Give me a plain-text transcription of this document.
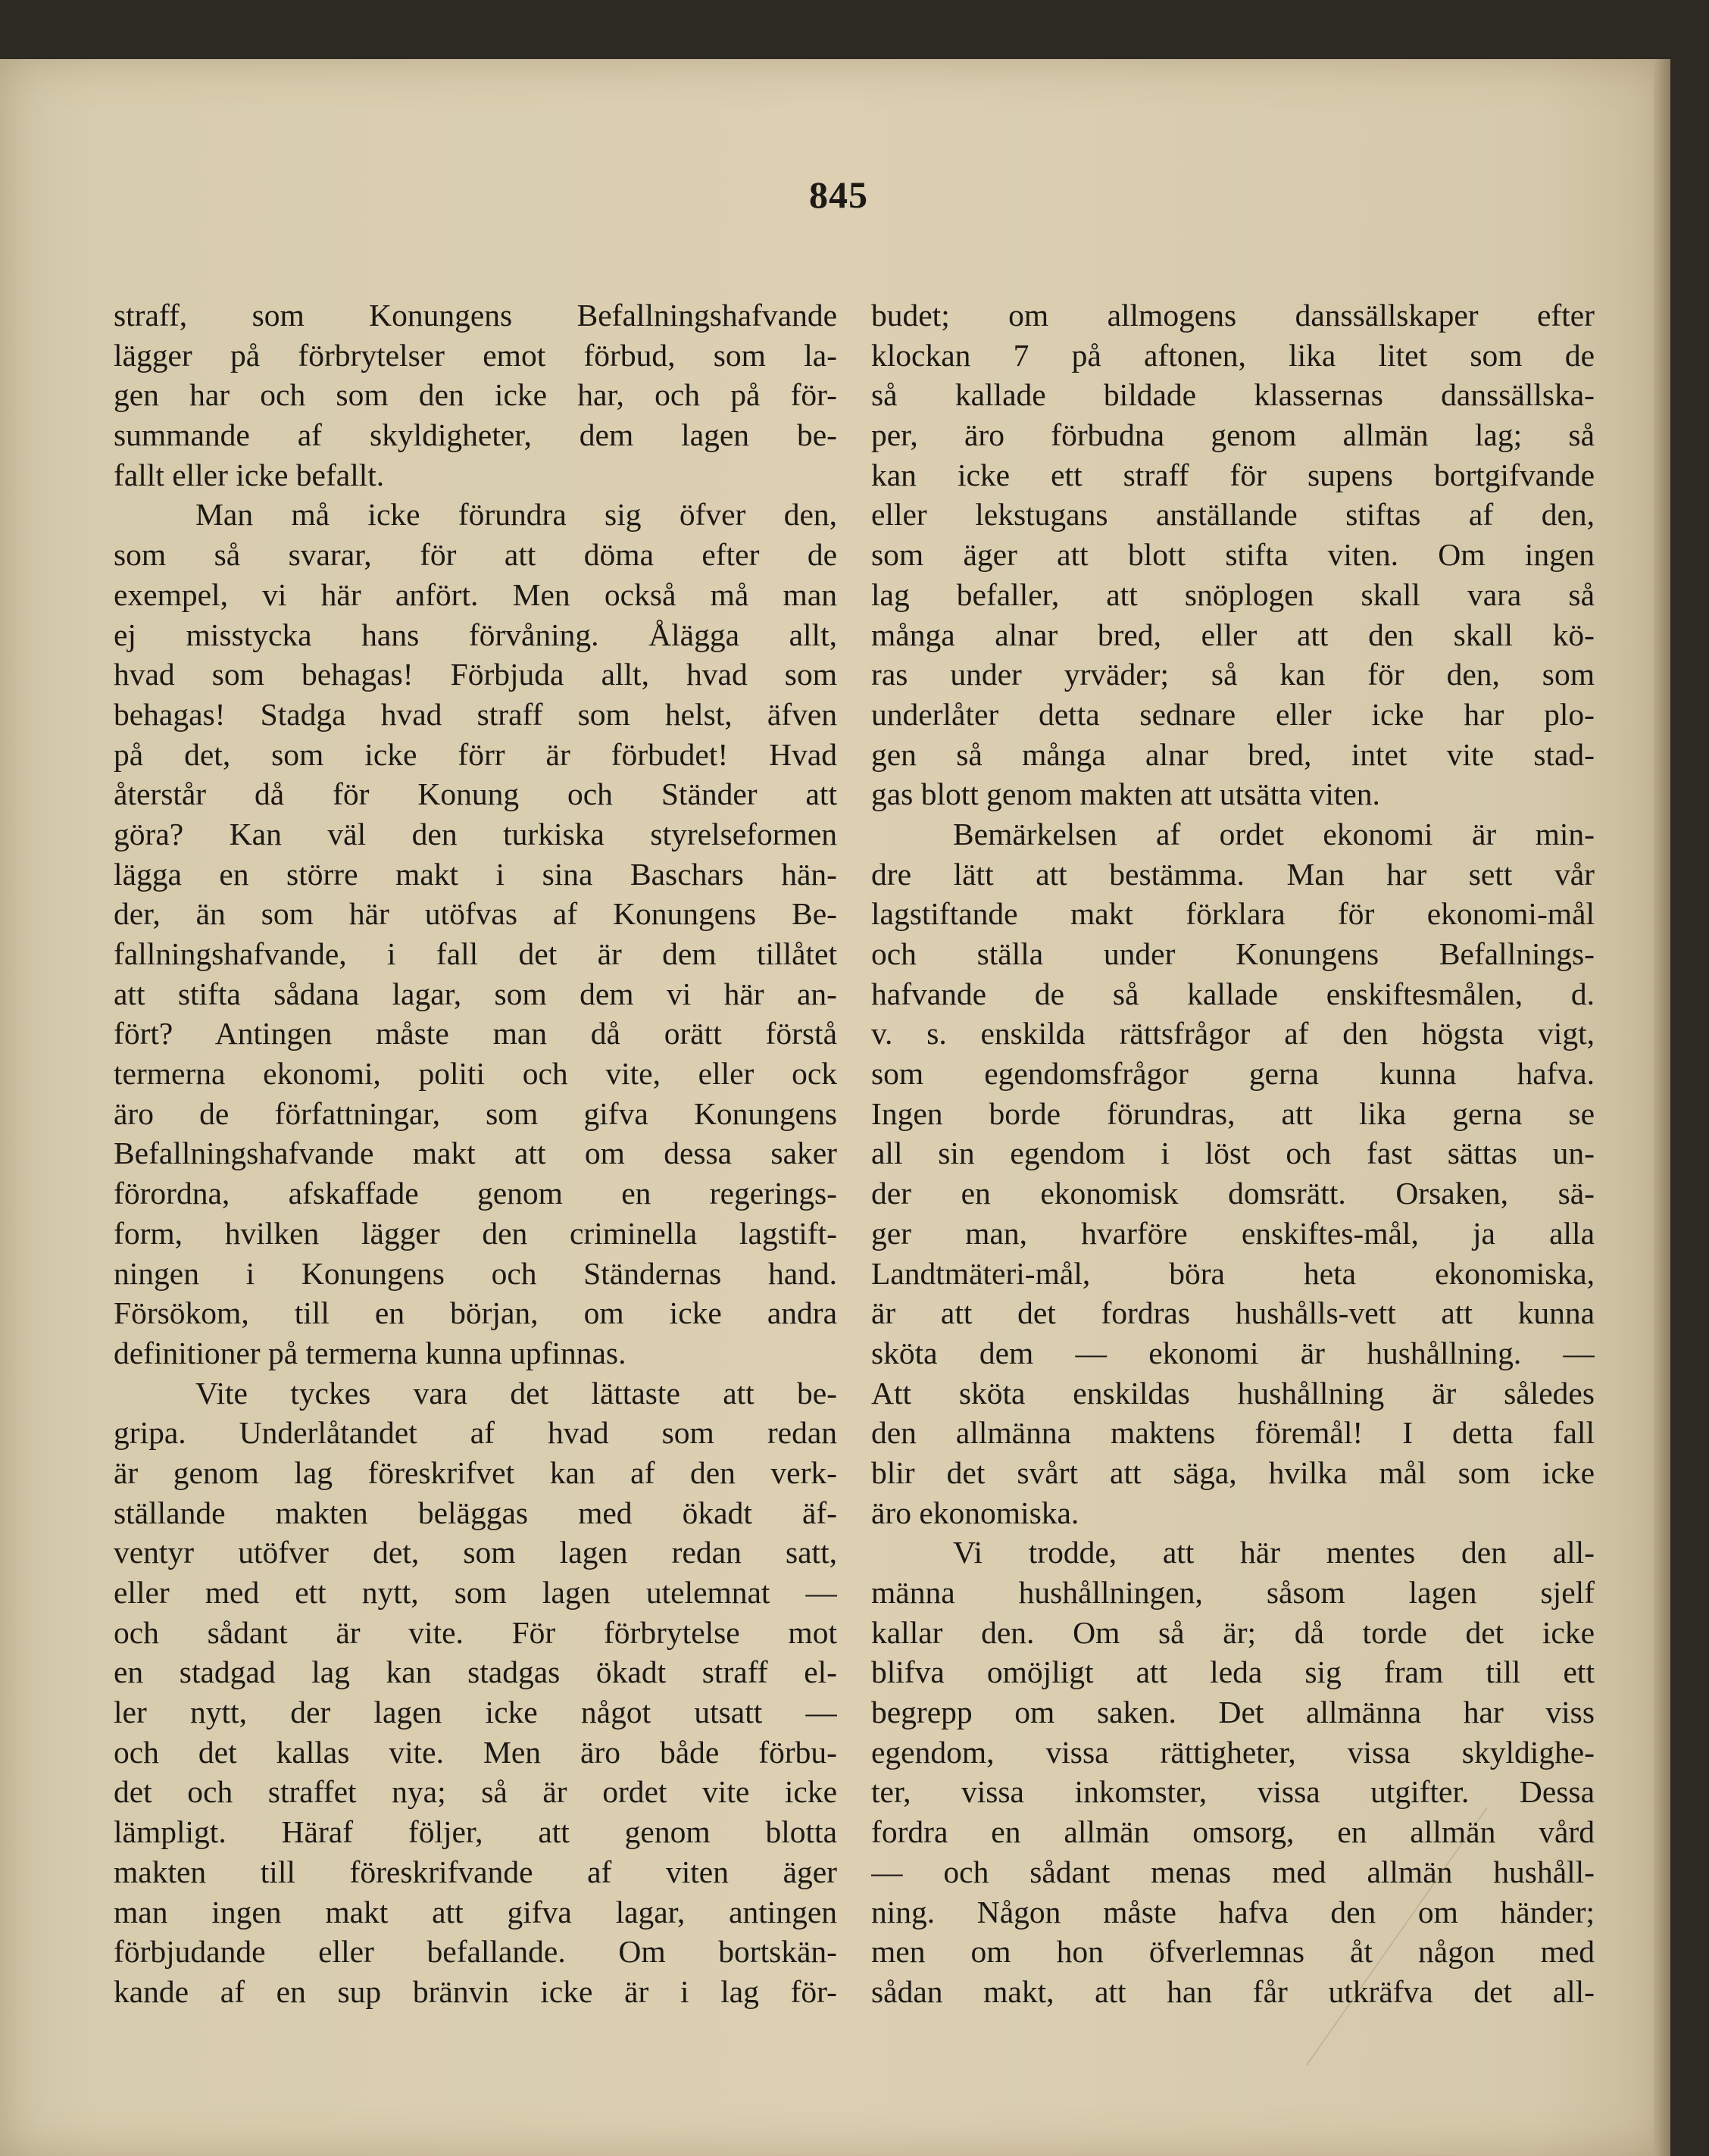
845
straff, som Konungens Befallningshafvande
lägger på förbrytelser emot förbud, som la-
gen har och som den icke har, och på för-
summande af skyldigheter, dem lagen be-
fallt eller icke befallt.
Man må icke förundra sig öfver den,
som så svarar, för att döma efter de
exempel, vi här anfört. Men också må man
ej misstycka hans förvåning. Ålägga allt,
hvad som behagas! Förbjuda allt, hvad som
behagas! Stadga hvad straff som helst, äfven
på det, som icke förr är förbudet! Hvad
återstår då för Konung och Ständer att
göra? Kan väl den turkiska styrelseformen
lägga en större makt i sina Baschars hän-
der, än som här utöfvas af Konungens Be-
fallningshafvande, i fall det är dem tillåtet
att stifta sådana lagar, som dem vi här an-
fört? Antingen måste man då orätt förstå
termerna ekonomi, politi och vite, eller ock
äro de författningar, som gifva Konungens
Befallningshafvande makt att om dessa saker
förordna, afskaffade genom en regerings-
form, hvilken lägger den criminella lagstift-
ningen i Konungens och Ständernas hand.
Försökom, till en början, om icke andra
definitioner på termerna kunna upfinnas.
Vite tyckes vara det lättaste att be-
gripa. Underlåtandet af hvad som redan
är genom lag föreskrifvet kan af den verk-
ställande makten beläggas med ökadt äf-
ventyr utöfver det, som lagen redan satt,
eller med ett nytt, som lagen utelemnat —
och sådant är vite. För förbrytelse mot
en stadgad lag kan stadgas ökadt straff el-
ler nytt, der lagen icke något utsatt —
och det kallas vite. Men äro både förbu-
det och straffet nya; så är ordet vite icke
lämpligt. Häraf följer, att genom blotta
makten till föreskrifvande af viten äger
man ingen makt att gifva lagar, antingen
förbjudande eller befallande. Om bortskän-
kande af en sup bränvin icke är i lag för-
budet; om allmogens danssällskaper efter
klockan 7 på aftonen, lika litet som de
så kallade bildade klassernas danssällska-
per, äro förbudna genom allmän lag; så
kan icke ett straff för supens bortgifvande
eller lekstugans anställande stiftas af den,
som äger att blott stifta viten. Om ingen
lag befaller, att snöplogen skall vara så
många alnar bred, eller att den skall kö-
ras under yrväder; så kan för den, som
underlåter detta sednare eller icke har plo-
gen så många alnar bred, intet vite stad-
gas blott genom makten att utsätta viten.
Bemärkelsen af ordet ekonomi är min-
dre lätt att bestämma. Man har sett vår
lagstiftande makt förklara för ekonomi-mål
och ställa under Konungens Befallnings-
hafvande de så kallade enskiftesmålen, d.
v. s. enskilda rättsfrågor af den högsta vigt,
som egendomsfrågor gerna kunna hafva.
Ingen borde förundras, att lika gerna se
all sin egendom i löst och fast sättas un-
der en ekonomisk domsrätt. Orsaken, sä-
ger man, hvarföre enskiftes-mål, ja alla
Landtmäteri-mål, böra heta ekonomiska,
är att det fordras hushålls-vett att kunna
sköta dem — ekonomi är hushållning. —
Att sköta enskildas hushållning är således
den allmänna maktens föremål! I detta fall
blir det svårt att säga, hvilka mål som icke
äro ekonomiska.
Vi trodde, att här mentes den all-
männa hushållningen, såsom lagen sjelf
kallar den. Om så är; då torde det icke
blifva omöjligt att leda sig fram till ett
begrepp om saken. Det allmänna har viss
egendom, vissa rättigheter, vissa skyldighe-
ter, vissa inkomster, vissa utgifter. Dessa
fordra en allmän omsorg, en allmän vård
— och sådant menas med allmän hushåll-
ning. Någon måste hafva den om händer;
men om hon öfverlemnas åt någon med
sådan makt, att han får utkräfva det all-
